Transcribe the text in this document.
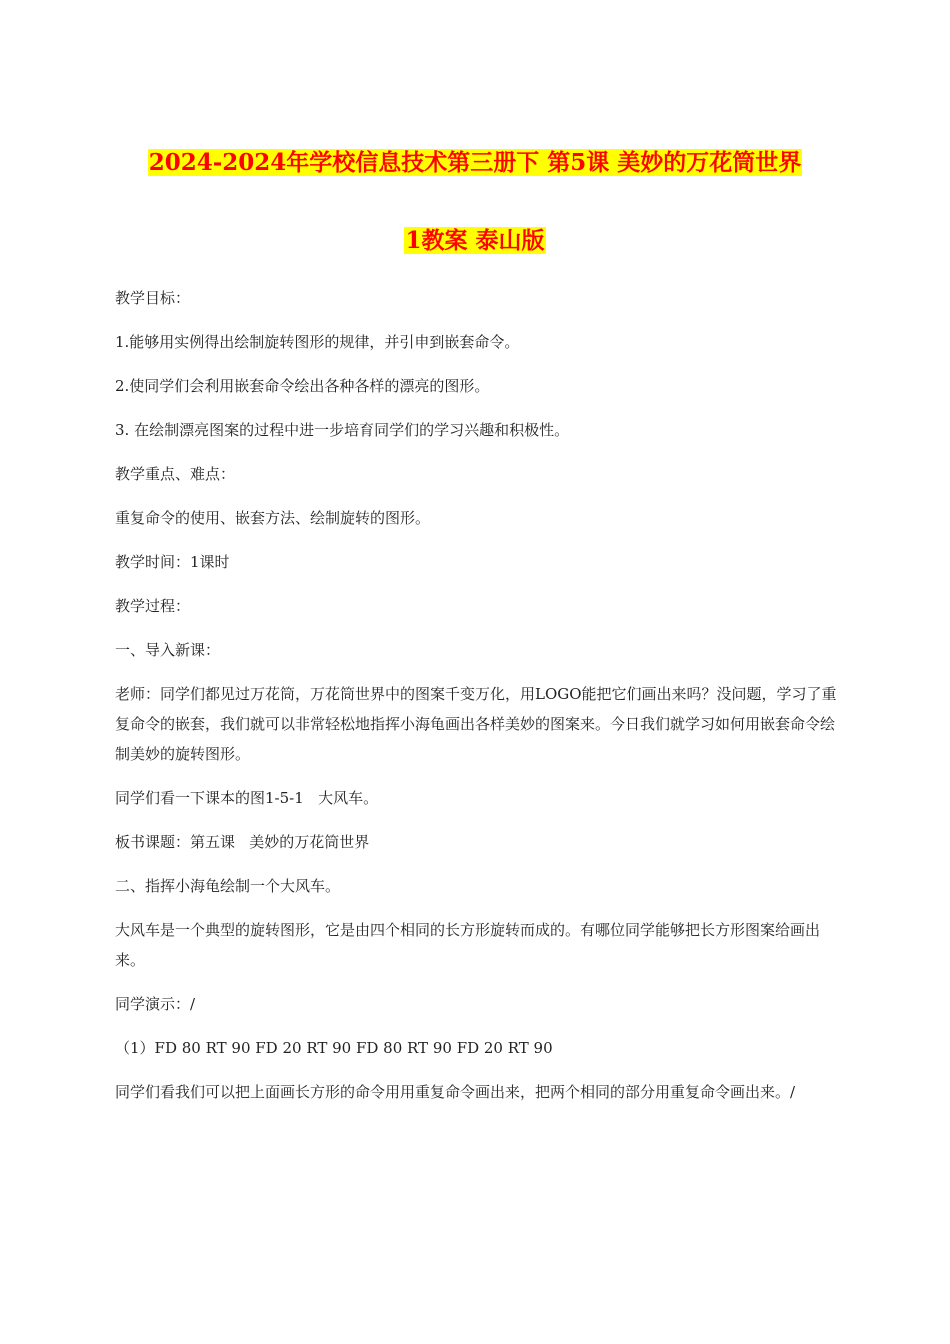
2024-2024年学校信息技术第三册下 第5课 美妙的万花筒世界
1教案 泰山版

教学目标：

1.能够用实例得出绘制旋转图形的规律，并引申到嵌套命令。

2.使同学们会利用嵌套命令绘出各种各样的漂亮的图形。

3. 在绘制漂亮图案的过程中进一步培育同学们的学习兴趣和积极性。

教学重点、难点：

重复命令的使用、嵌套方法、绘制旋转的图形。

教学时间：1课时

教学过程：

一、导入新课：

老师：同学们都见过万花筒，万花筒世界中的图案千变万化，用LOGO能把它们画出来吗？没问题，学习了重复命令的嵌套，我们就可以非常轻松地指挥小海龟画出各样美妙的图案来。今日我们就学习如何用嵌套命令绘制美妙的旋转图形。

同学们看一下课本的图1-5-1   大风车。

板书课题：第五课   美妙的万花筒世界

二、指挥小海龟绘制一个大风车。

大风车是一个典型的旋转图形，它是由四个相同的长方形旋转而成的。有哪位同学能够把长方形图案给画出来。

同学演示：/

（1）FD 80 RT 90 FD 20 RT 90 FD 80 RT 90 FD 20 RT 90

同学们看我们可以把上面画长方形的命令用用重复命令画出来，把两个相同的部分用重复命令画出来。/
